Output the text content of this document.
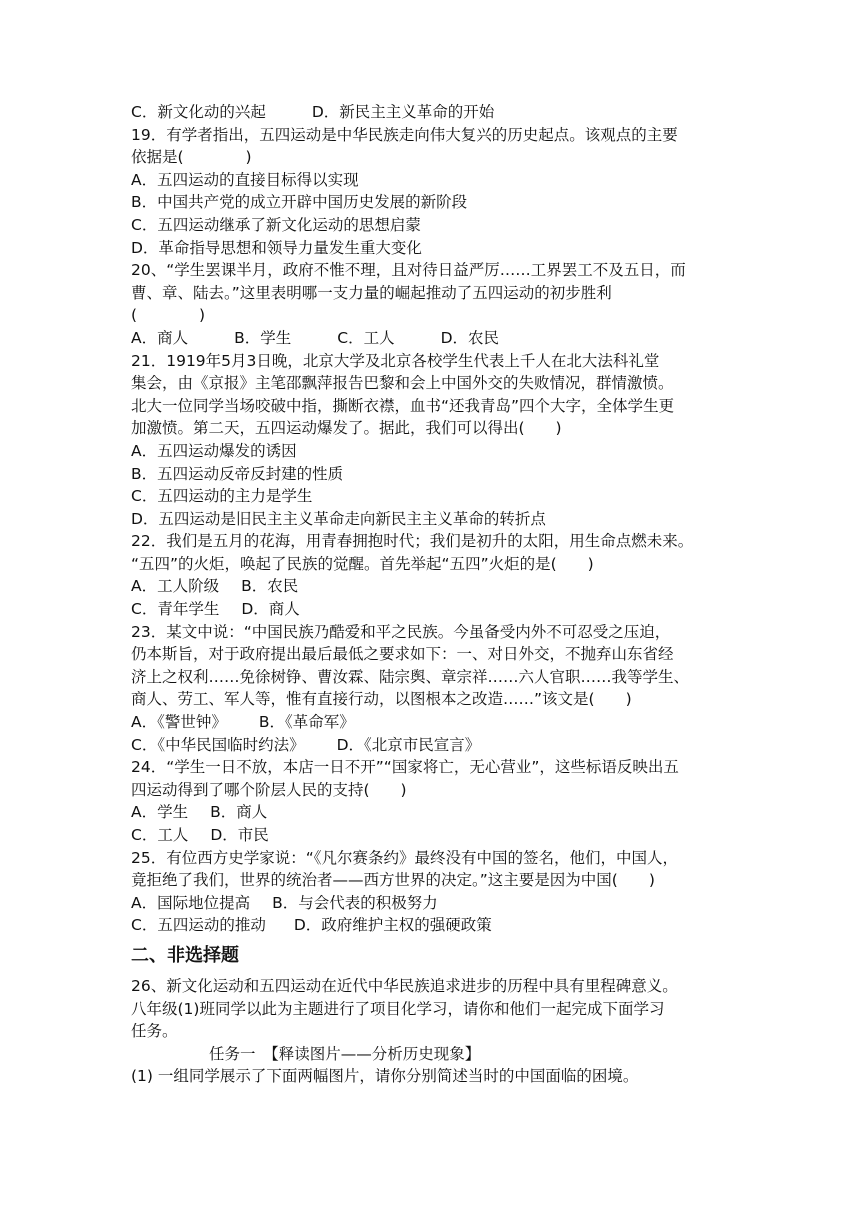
C．新文化动的兴起	D．新民主主义革命的开始
19．有学者指出，五四运动是中华民族走向伟大复兴的历史起点。该观点的主要
依据是(　　　　)
A．五四运动的直接目标得以实现
B．中国共产党的成立开辟中国历史发展的新阶段
C．五四运动继承了新文化运动的思想启蒙
D．革命指导思想和领导力量发生重大变化
20、“学生罢课半月，政府不惟不理，且对待日益严厉……工界罢工不及五日，而
曹、章、陆去。”这里表明哪一支力量的崛起推动了五四运动的初步胜利
(　　　　)
A．商人	B．学生	C．工人	D．农民
21．1919年5月3日晚，北京大学及北京各校学生代表上千人在北大法科礼堂
集会，由《京报》主笔邵飘萍报告巴黎和会上中国外交的失败情况，群情激愤。
北大一位同学当场咬破中指，撕断衣襟，血书“还我青岛”四个大字，全体学生更
加激愤。第二天，五四运动爆发了。据此，我们可以得出(　　)
A．五四运动爆发的诱因
B．五四运动反帝反封建的性质
C．五四运动的主力是学生
D．五四运动是旧民主主义革命走向新民主主义革命的转折点
22．我们是五月的花海，用青春拥抱时代；我们是初升的太阳，用生命点燃未来。
“五四”的火炬，唤起了民族的觉醒。首先举起“五四”火炬的是(　　)
A．工人阶级 B．农民
C．青年学生 D．商人
23．某文中说：“中国民族乃酷爱和平之民族。今虽备受内外不可忍受之压迫，
仍本斯旨，对于政府提出最后最低之要求如下：一、对日外交，不抛弃山东省经
济上之权利……免徐树铮、曹汝霖、陆宗舆、章宗祥……六人官职……我等学生、
商人、劳工、军人等，惟有直接行动，以图根本之改造……”该文是(　　)
A．《警世钟》 B．《革命军》
C．《中华民国临时约法》 D．《北京市民宣言》
24．“学生一日不放，本店一日不开”“国家将亡，无心营业”，这些标语反映出五
四运动得到了哪个阶层人民的支持(　　)
A．学生 B．商人
C．工人 D．市民
25．有位西方史学家说：“《凡尔赛条约》最终没有中国的签名，他们，中国人，
竟拒绝了我们，世界的统治者——西方世界的决定。”这主要是因为中国(　　)
A．国际地位提高 B．与会代表的积极努力
C．五四运动的推动 D．政府维护主权的强硬政策
二、非选择题
26、新文化运动和五四运动在近代中华民族追求进步的历程中具有里程碑意义。
八年级(1)班同学以此为主题进行了项目化学习，请你和他们一起完成下面学习
任务。
任务一　【释读图片——分析历史现象】
(1) 一组同学展示了下面两幅图片，请你分别简述当时的中国面临的困境。
